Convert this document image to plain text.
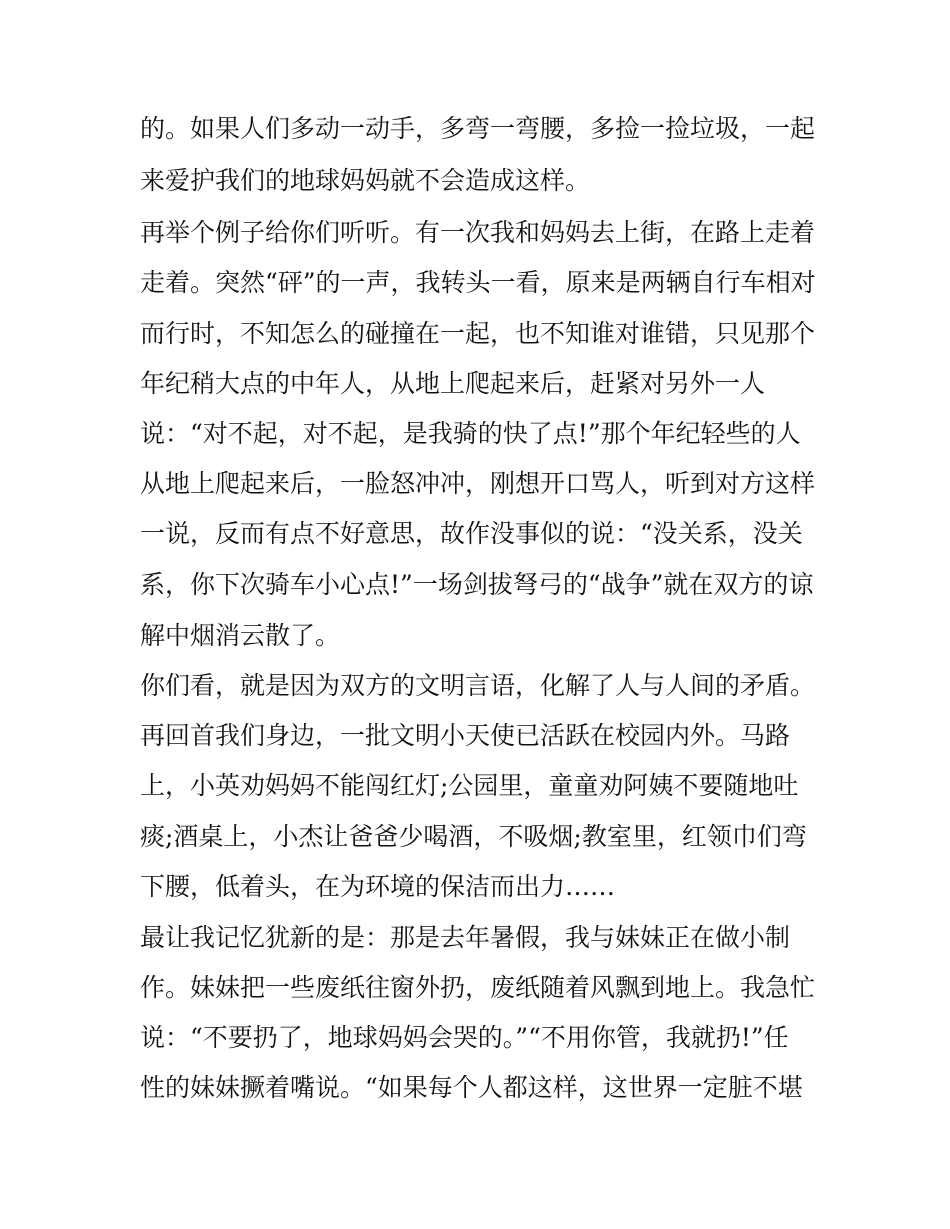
的。如果人们多动一动手，多弯一弯腰，多捡一捡垃圾，一起
来爱护我们的地球妈妈就不会造成这样。
再举个例子给你们听听。有一次我和妈妈去上街，在路上走着
走着。突然“砰”的一声，我转头一看，原来是两辆自行车相对
而行时，不知怎么的碰撞在一起，也不知谁对谁错，只见那个
年纪稍大点的中年人，从地上爬起来后，赶紧对另外一人
说：“对不起，对不起，是我骑的快了点!”那个年纪轻些的人
从地上爬起来后，一脸怒冲冲，刚想开口骂人，听到对方这样
一说，反而有点不好意思，故作没事似的说：“没关系，没关
系，你下次骑车小心点!”一场剑拔弩弓的“战争”就在双方的谅
解中烟消云散了。
你们看，就是因为双方的文明言语，化解了人与人间的矛盾。
再回首我们身边，一批文明小天使已活跃在校园内外。马路
上，小英劝妈妈不能闯红灯;公园里，童童劝阿姨不要随地吐
痰;酒桌上，小杰让爸爸少喝酒，不吸烟;教室里，红领巾们弯
下腰，低着头，在为环境的保洁而出力……
最让我记忆犹新的是：那是去年暑假，我与妹妹正在做小制
作。妹妹把一些废纸往窗外扔，废纸随着风飘到地上。我急忙
说：“不要扔了，地球妈妈会哭的。”“不用你管，我就扔!”任
性的妹妹撅着嘴说。“如果每个人都这样，这世界一定脏不堪
